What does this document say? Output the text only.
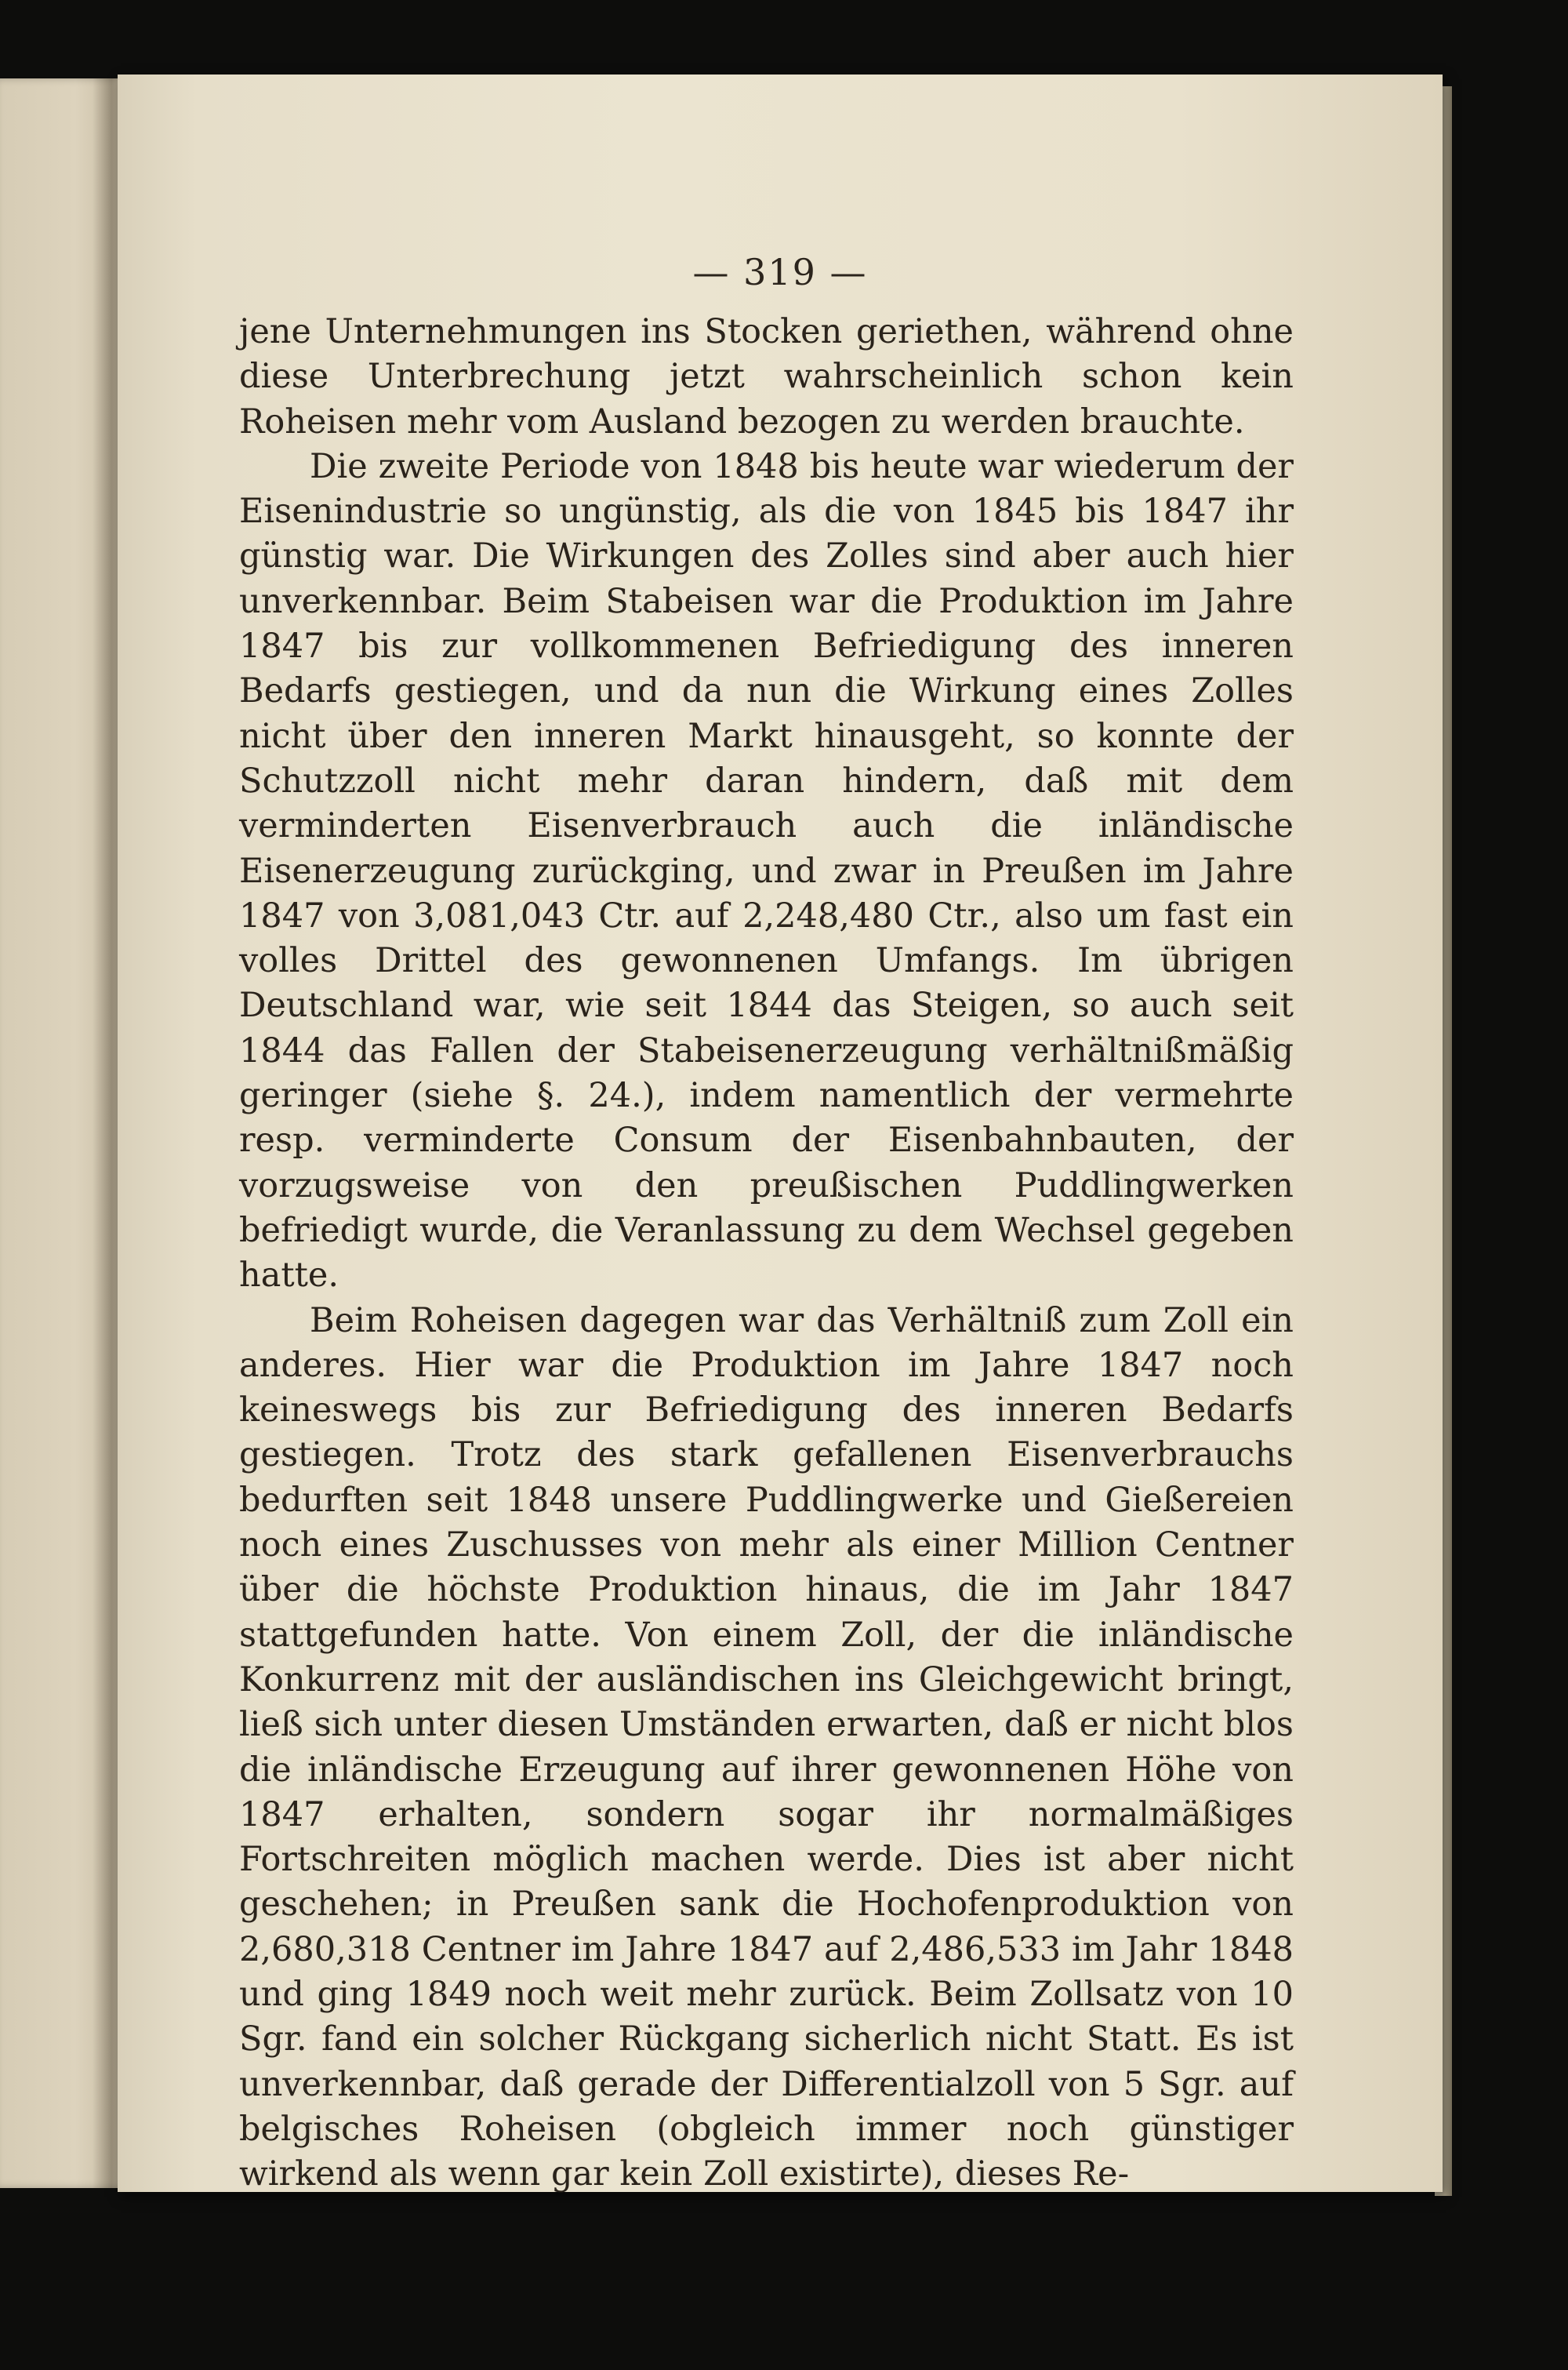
— 319 —

jene Unternehmungen ins Stocken geriethen, während ohne diese Unterbrechung jetzt wahrscheinlich schon kein Roheisen mehr vom Ausland bezogen zu werden brauchte.

Die zweite Periode von 1848 bis heute war wiederum der Eisenindustrie so ungünstig, als die von 1845 bis 1847 ihr günstig war. Die Wirkungen des Zolles sind aber auch hier unverkennbar. Beim Stabeisen war die Produktion im Jahre 1847 bis zur vollkommenen Befriedigung des inneren Bedarfs gestiegen, und da nun die Wirkung eines Zolles nicht über den inneren Markt hinausgeht, so konnte der Schutzzoll nicht mehr daran hindern, daß mit dem verminderten Eisenverbrauch auch die inländische Eisenerzeugung zurückging, und zwar in Preußen im Jahre 1847 von 3,081,043 Ctr. auf 2,248,480 Ctr., also um fast ein volles Drittel des gewonnenen Umfangs. Im übrigen Deutschland war, wie seit 1844 das Steigen, so auch seit 1844 das Fallen der Stabeisenerzeugung verhältnißmäßig geringer (siehe §. 24.), indem namentlich der vermehrte resp. verminderte Consum der Eisenbahnbauten, der vorzugsweise von den preußischen Puddlingwerken befriedigt wurde, die Veranlassung zu dem Wechsel gegeben hatte.

Beim Roheisen dagegen war das Verhältniß zum Zoll ein anderes. Hier war die Produktion im Jahre 1847 noch keineswegs bis zur Befriedigung des inneren Bedarfs gestiegen. Trotz des stark gefallenen Eisenverbrauchs bedurften seit 1848 unsere Puddlingwerke und Gießereien noch eines Zuschusses von mehr als einer Million Centner über die höchste Produktion hinaus, die im Jahr 1847 stattgefunden hatte. Von einem Zoll, der die inländische Konkurrenz mit der ausländischen ins Gleichgewicht bringt, ließ sich unter diesen Umständen erwarten, daß er nicht blos die inländische Erzeugung auf ihrer gewonnenen Höhe von 1847 erhalten, sondern sogar ihr normalmäßiges Fortschreiten möglich machen werde. Dies ist aber nicht geschehen; in Preußen sank die Hochofenproduktion von 2,680,318 Centner im Jahre 1847 auf 2,486,533 im Jahr 1848 und ging 1849 noch weit mehr zurück. Beim Zollsatz von 10 Sgr. fand ein solcher Rückgang sicherlich nicht Statt. Es ist unverkennbar, daß gerade der Differentialzoll von 5 Sgr. auf belgisches Roheisen (obgleich immer noch günstiger wirkend als wenn gar kein Zoll existirte), dieses Re-
